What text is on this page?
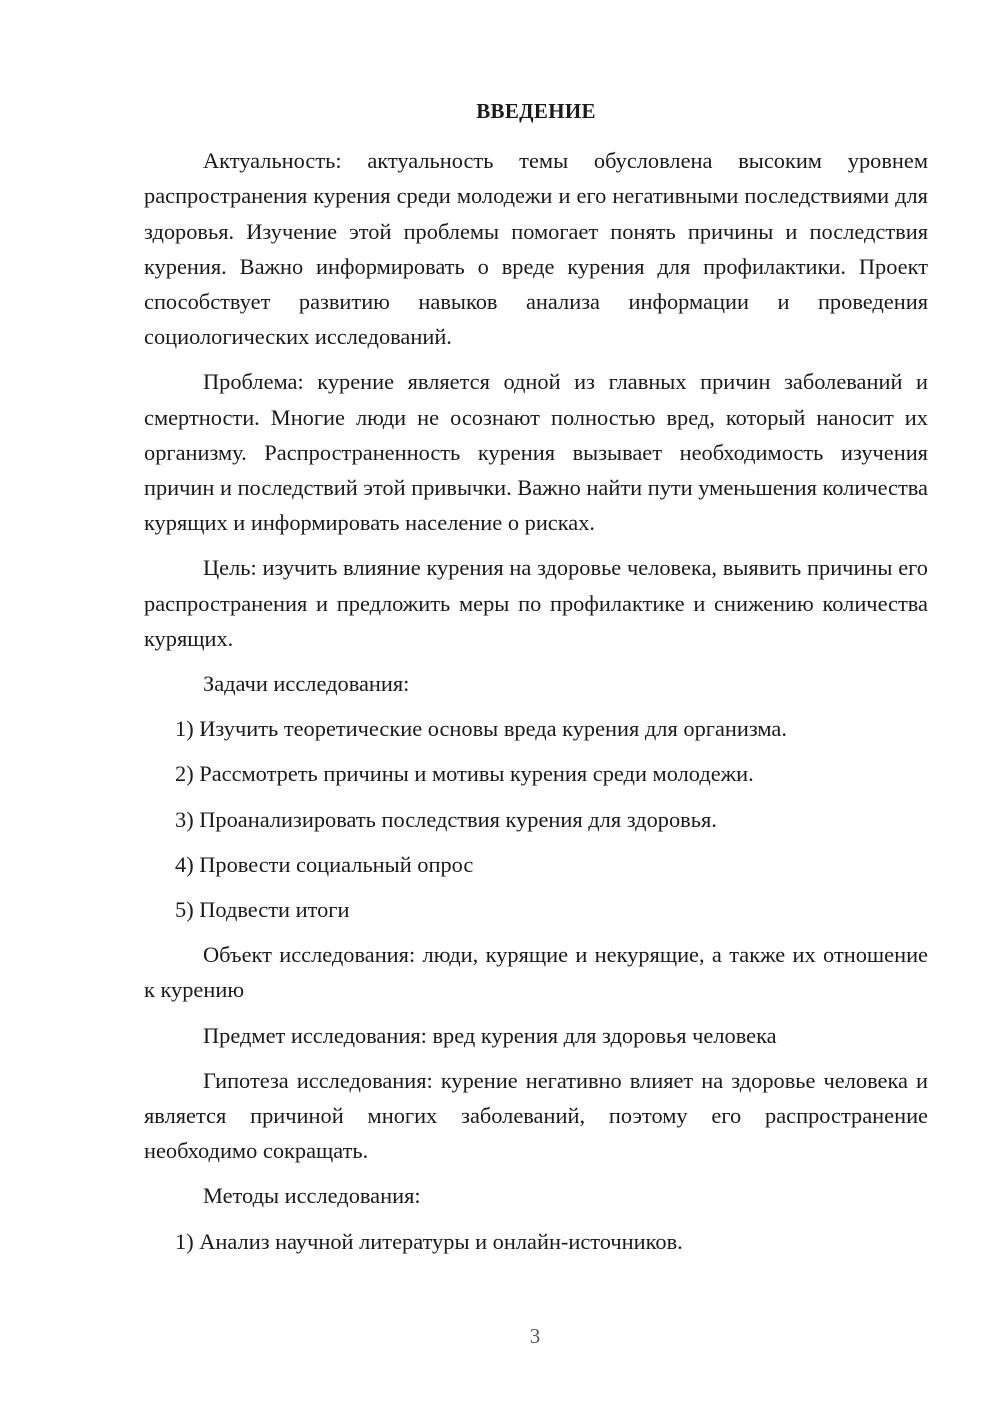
ВВЕДЕНИЕ

Актуальность: актуальность темы обусловлена высоким уровнем распространения курения среди молодежи и его негативными последствиями для здоровья. Изучение этой проблемы помогает понять причины и последствия курения. Важно информировать о вреде курения для профилактики. Проект способствует развитию навыков анализа информации и проведения социологических исследований.

Проблема: курение является одной из главных причин заболеваний и смертности. Многие люди не осознают полностью вред, который наносит их организму. Распространенность курения вызывает необходимость изучения причин и последствий этой привычки. Важно найти пути уменьшения количества курящих и информировать население о рисках.

Цель: изучить влияние курения на здоровье человека, выявить причины его распространения и предложить меры по профилактике и снижению количества курящих.

Задачи исследования:

1) Изучить теоретические основы вреда курения для организма.

2) Рассмотреть причины и мотивы курения среди молодежи.

3) Проанализировать последствия курения для здоровья.

4) Провести социальный опрос

5) Подвести итоги

Объект исследования: люди, курящие и некурящие, а также их отношение к курению

Предмет исследования: вред курения для здоровья человека

Гипотеза исследования: курение негативно влияет на здоровье человека и является причиной многих заболеваний, поэтому его распространение необходимо сокращать.

Методы исследования:

1) Анализ научной литературы и онлайн-источников.

3
